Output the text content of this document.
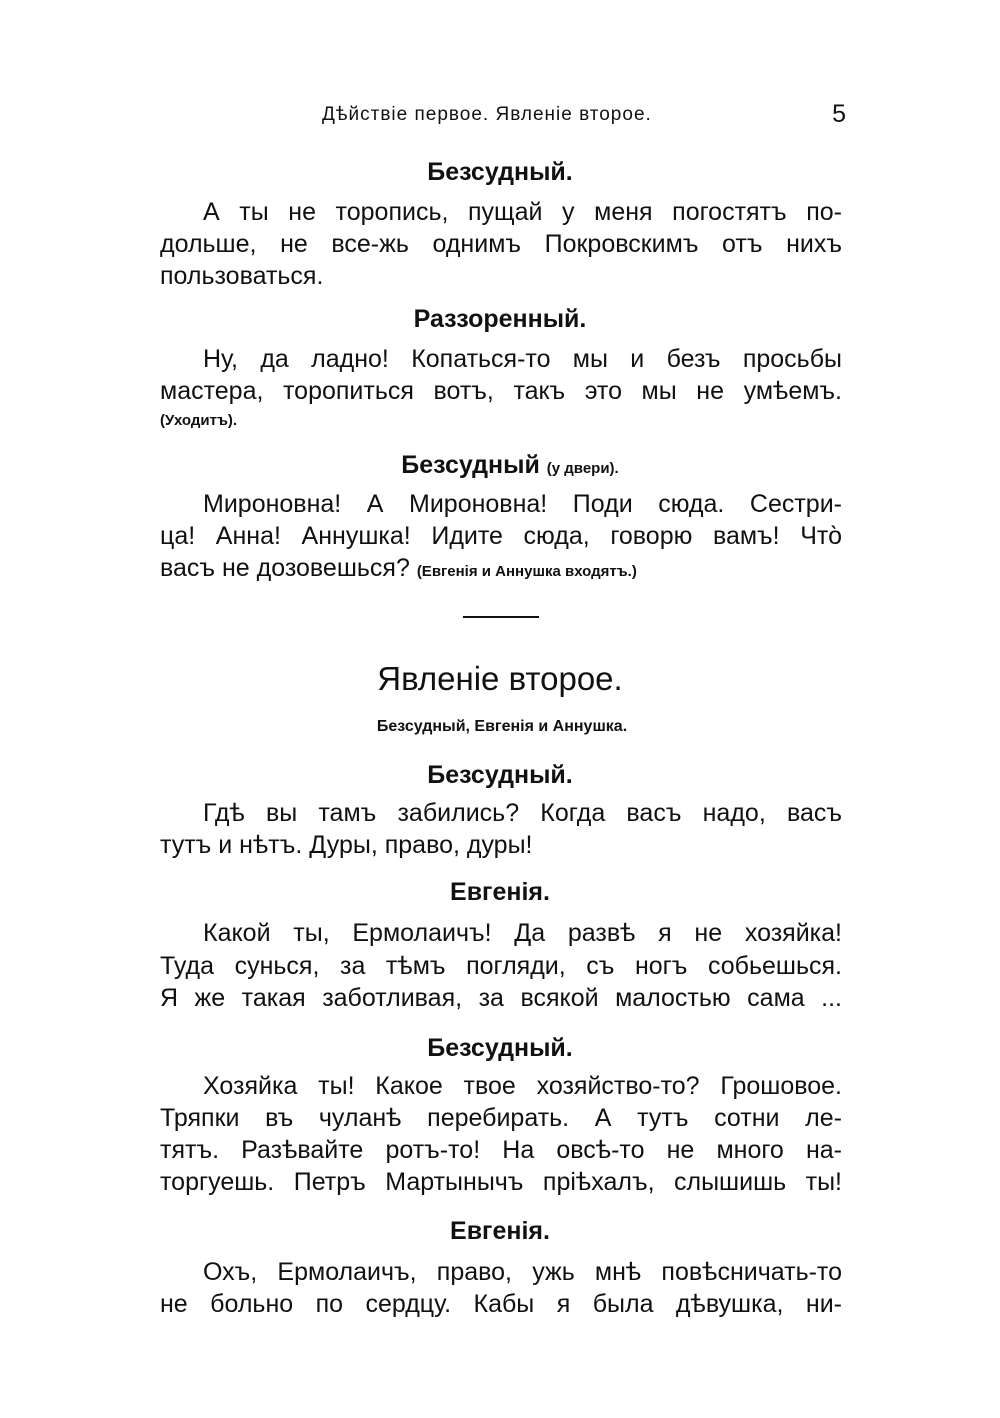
Дѣйствіе первое. Явленіе второе.	5
Безсудный.
А ты не торопись, пущай у меня погостятъ по-
дольше, не все-жь однимъ Покровскимъ отъ нихъ
пользоваться.
Раззоренный.
Ну, да ладно! Копаться-то мы и безъ просьбы
мастера, торопиться вотъ, такъ это мы не умѣемъ.
(Уходитъ).
Безсудный (у двери).
Мироновна! А Мироновна! Поди сюда. Сестри-
ца! Анна! Аннушка! Идите сюда, говорю вамъ! Что̀
васъ не дозовешься? (Евгенія и Аннушка входятъ.)
Явленіе второе.
Безсудный, Евгенія и Аннушка.
Безсудный.
Гдѣ вы тамъ забились? Когда васъ надо, васъ
тутъ и нѣтъ. Дуры, право, дуры!
Евгенія.
Какой ты, Ермолаичъ! Да развѣ я не хозяйка!
Туда сунься, за тѣмъ погляди, съ ногъ собьешься.
Я же такая заботливая, за всякой малостью сама ...
Безсудный.
Хозяйка ты! Какое твое хозяйство-то? Грошовое.
Тряпки въ чуланѣ перебирать. А тутъ сотни ле-
тятъ. Разѣвайте ротъ-то! На овсѣ-то не много на-
торгуешь. Петръ Мартынычъ пріѣхалъ, слышишь ты!
Евгенія.
Охъ, Ермолаичъ, право, ужь мнѣ повѣсничать-то
не больно по сердцу. Кабы я была дѣвушка, ни-
